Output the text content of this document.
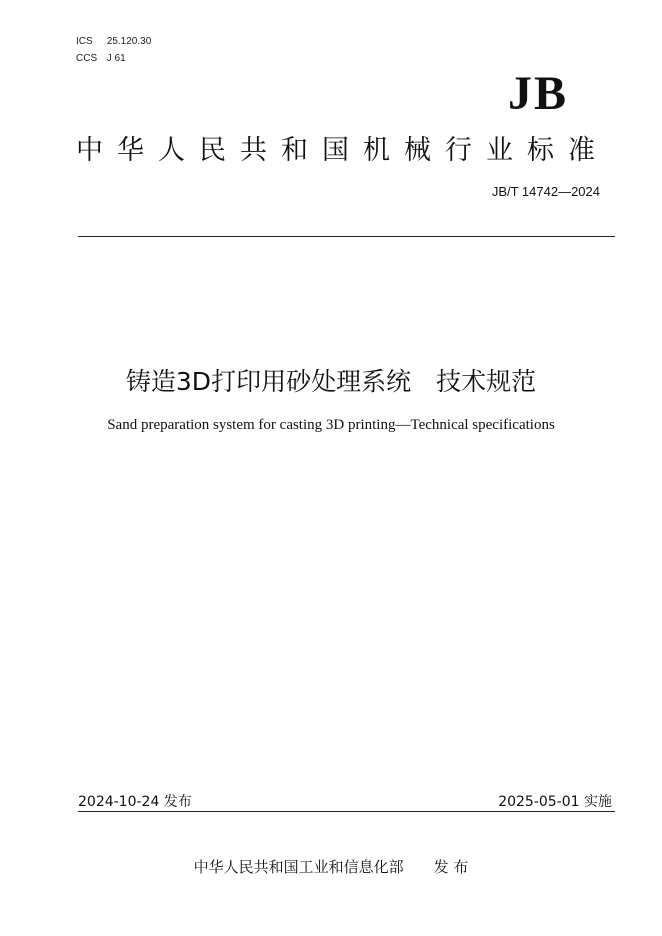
ICS 25.120.30
CCS J 61
JB
中华人民共和国机械行业标准
JB/T 14742—2024
铸造3D打印用砂处理系统　技术规范
Sand preparation system for casting 3D printing—Technical specifications
2024-10-24 发布	2025-05-01 实施
中华人民共和国工业和信息化部 发 布
